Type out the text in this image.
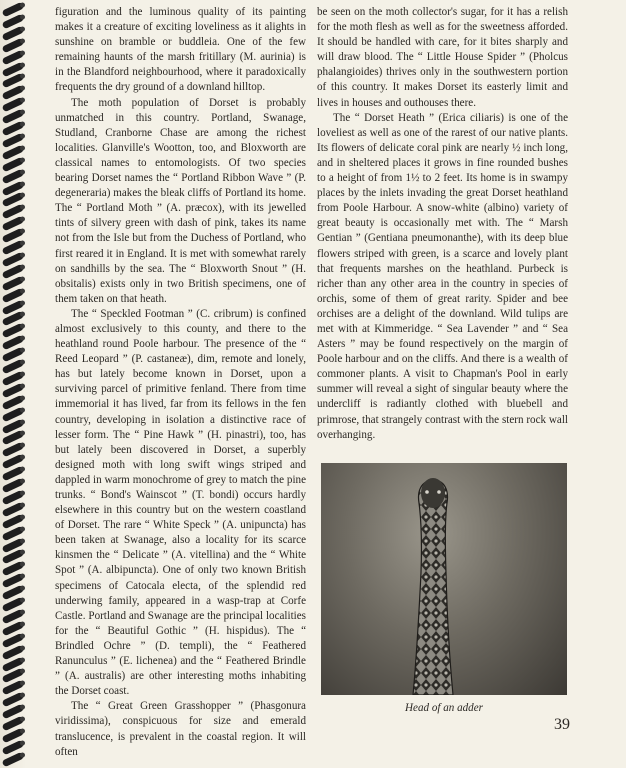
figuration and the luminous quality of its painting makes it a creature of exciting loveliness as it alights in sunshine on bramble or buddleia. One of the few remaining haunts of the marsh fritillary (M. aurinia) is in the Blandford neighbourhood, where it paradoxically frequents the dry ground of a downland hilltop.

The moth population of Dorset is probably unmatched in this country. Portland, Swanage, Studland, Cranborne Chase are among the richest localities. Glanville's Wootton, too, and Bloxworth are classical names to entomologists. Of two species bearing Dorset names the “ Portland Ribbon Wave ” (P. degeneraria) makes the bleak cliffs of Portland its home. The “ Portland Moth ” (A. præcox), with its jewelled tints of silvery green with dash of pink, takes its name not from the Isle but from the Duchess of Portland, who first reared it in England. It is met with somewhat rarely on sandhills by the sea. The “ Bloxworth Snout ” (H. obsitalis) exists only in two British specimens, one of them taken on that heath.

The “ Speckled Footman ” (C. cribrum) is confined almost exclusively to this county, and there to the heathland round Poole harbour. The presence of the “ Reed Leopard ” (P. castaneæ), dim, remote and lonely, has but lately become known in Dorset, upon a surviving parcel of primitive fenland. There from time immemorial it has lived, far from its fellows in the fen country, developing in isolation a distinctive race of lesser form. The “ Pine Hawk ” (H. pinastri), too, has but lately been discovered in Dorset, a superbly designed moth with long swift wings striped and dappled in warm monochrome of grey to match the pine trunks. “ Bond's Wainscot ” (T. bondi) occurs hardly elsewhere in this country but on the western coastland of Dorset. The rare “ White Speck ” (A. unipuncta) has been taken at Swanage, also a locality for its scarce kinsmen the “ Delicate ” (A. vitellina) and the “ White Spot ” (A. albipuncta). One of only two known British specimens of Catocala electa, of the splendid red underwing family, appeared in a wasp-trap at Corfe Castle. Portland and Swanage are the principal localities for the “ Beautiful Gothic ” (H. hispidus). The “ Brindled Ochre ” (D. templi), the “ Feathered Ranunculus ” (E. lichenea) and the “ Feathered Brindle ” (A. australis) are other interesting moths inhabiting the Dorset coast.

The “ Great Green Grasshopper ” (Phasgonura viridissima), conspicuous for size and emerald translucence, is prevalent in the coastal region. It will often

be seen on the moth collector's sugar, for it has a relish for the moth flesh as well as for the sweetness afforded. It should be handled with care, for it bites sharply and will draw blood. The “ Little House Spider ” (Pholcus phalangioides) thrives only in the southwestern portion of this country. It makes Dorset its easterly limit and lives in houses and outhouses there.

The “ Dorset Heath ” (Erica ciliaris) is one of the loveliest as well as one of the rarest of our native plants. Its flowers of delicate coral pink are nearly ½ inch long, and in sheltered places it grows in fine rounded bushes to a height of from 1½ to 2 feet. Its home is in swampy places by the inlets invading the great Dorset heathland from Poole Harbour. A snow-white (albino) variety of great beauty is occasionally met with. The “ Marsh Gentian ” (Gentiana pneumonanthe), with its deep blue flowers striped with green, is a scarce and lovely plant that frequents marshes on the heathland. Purbeck is richer than any other area in the country in species of orchis, some of them of great rarity. Spider and bee orchises are a delight of the downland. Wild tulips are met with at Kimmeridge. “ Sea Lavender ” and “ Sea Asters ” may be found respectively on the margin of Poole harbour and on the cliffs. And there is a wealth of commoner plants. A visit to Chapman's Pool in early summer will reveal a sight of singular beauty where the undercliff is radiantly clothed with bluebell and primrose, that strangely contrast with the stern rock wall overhanging.

Head of an adder
39
